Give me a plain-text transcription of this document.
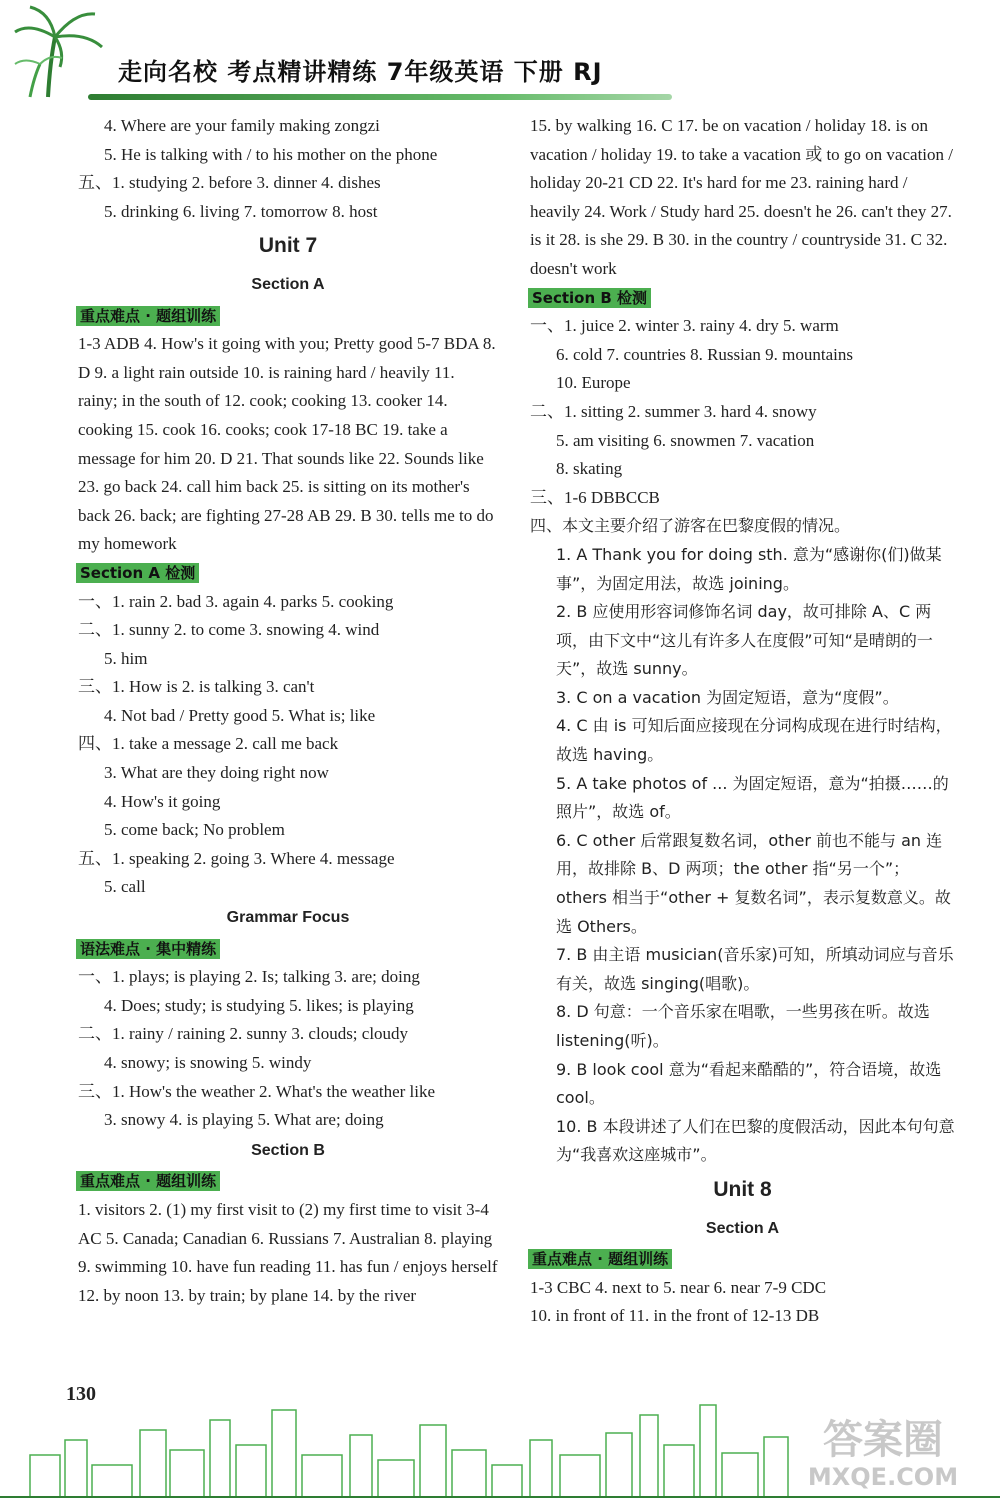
走向名校 考点精讲精练 7年级英语 下册 RJ
4. Where are your family making zongzi
5. He is talking with / to his mother on the phone
五、1. studying 2. before 3. dinner 4. dishes
5. drinking 6. living 7. tomorrow 8. host
Unit 7
Section A
重点难点 · 题组训练
1-3 ADB 4. How's it going with you; Pretty good 5-7 BDA 8. D 9. a light rain outside 10. is raining hard / heavily 11. rainy; in the south of 12. cook; cooking 13. cooker 14. cooking 15. cook 16. cooks; cook 17-18 BC 19. take a message for him 20. D 21. That sounds like 22. Sounds like 23. go back 24. call him back 25. is sitting on its mother's back 26. back; are fighting 27-28 AB 29. B 30. tells me to do my homework
Section A 检测
一、1. rain 2. bad 3. again 4. parks 5. cooking
二、1. sunny 2. to come 3. snowing 4. wind
5. him
三、1. How is 2. is talking 3. can't
4. Not bad / Pretty good 5. What is; like
四、1. take a message 2. call me back
3. What are they doing right now
4. How's it going
5. come back; No problem
五、1. speaking 2. going 3. Where 4. message
5. call
Grammar Focus
语法难点 · 集中精练
一、1. plays; is playing 2. Is; talking 3. are; doing
4. Does; study; is studying 5. likes; is playing
二、1. rainy / raining 2. sunny 3. clouds; cloudy
4. snowy; is snowing 5. windy
三、1. How's the weather 2. What's the weather like
3. snowy 4. is playing 5. What are; doing
Section B
重点难点 · 题组训练
1. visitors 2. (1) my first visit to (2) my first time to visit 3-4 AC 5. Canada; Canadian 6. Russians 7. Australian 8. playing 9. swimming 10. have fun reading 11. has fun / enjoys herself 12. by noon 13. by train; by plane 14. by the river
15. by walking 16. C 17. be on vacation / holiday 18. is on vacation / holiday 19. to take a vacation 或 to go on vacation / holiday 20-21 CD 22. It's hard for me 23. raining hard / heavily 24. Work / Study hard 25. doesn't he 26. can't they 27. is it 28. is she 29. B 30. in the country / countryside 31. C 32. doesn't work
Section B 检测
一、1. juice 2. winter 3. rainy 4. dry 5. warm
6. cold 7. countries 8. Russian 9. mountains
10. Europe
二、1. sitting 2. summer 3. hard 4. snowy
5. am visiting 6. snowmen 7. vacation
8. skating
三、1-6 DBBCCB
四、本文主要介绍了游客在巴黎度假的情况。
1. A Thank you for doing sth. 意为“感谢你(们)做某事”，为固定用法，故选 joining。
2. B 应使用形容词修饰名词 day，故可排除 A、C 两项，由下文中“这儿有许多人在度假”可知“是晴朗的一天”，故选 sunny。
3. C on a vacation 为固定短语，意为“度假”。
4. C 由 is 可知后面应接现在分词构成现在进行时结构，故选 having。
5. A take photos of ... 为固定短语，意为“拍摄……的照片”，故选 of。
6. C other 后常跟复数名词，other 前也不能与 an 连用，故排除 B、D 两项；the other 指“另一个”；others 相当于“other + 复数名词”，表示复数意义。故选 Others。
7. B 由主语 musician(音乐家)可知，所填动词应与音乐有关，故选 singing(唱歌)。
8. D 句意：一个音乐家在唱歌，一些男孩在听。故选 listening(听)。
9. B look cool 意为“看起来酷酷的”，符合语境，故选 cool。
10. B 本段讲述了人们在巴黎的度假活动，因此本句句意为“我喜欢这座城市”。
Unit 8
Section A
重点难点 · 题组训练
1-3 CBC 4. next to 5. near 6. near 7-9 CDC
10. in front of 11. in the front of 12-13 DB
130
答案圈
MXQE.COM
